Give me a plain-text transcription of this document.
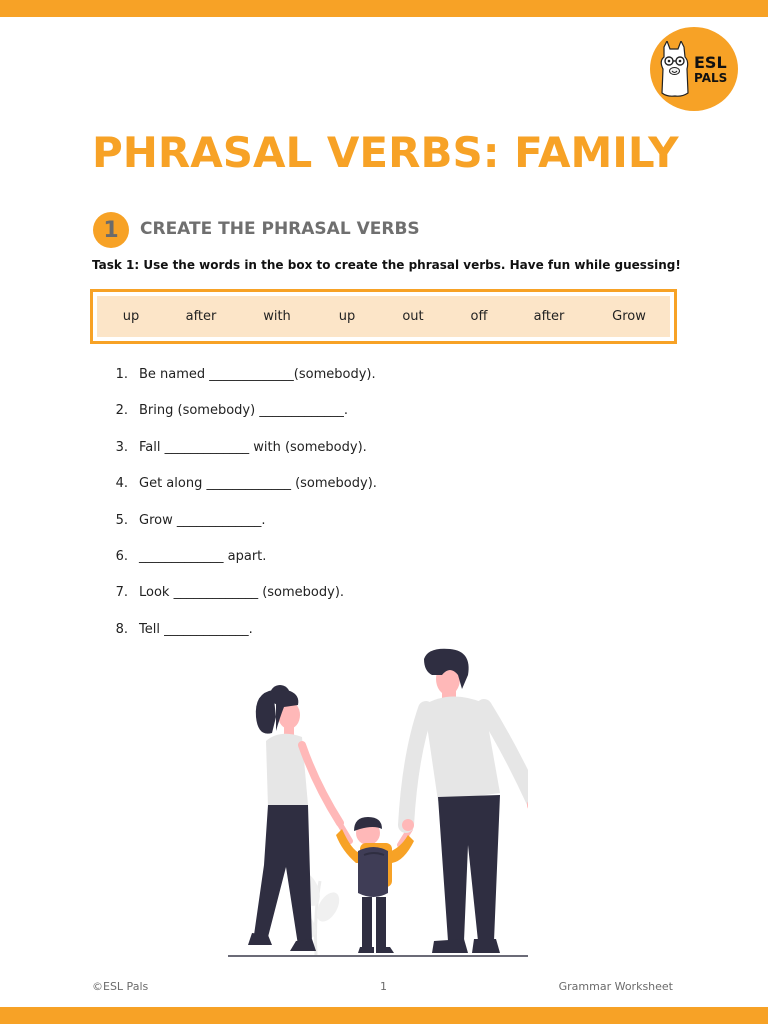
ESL
PALS
PHRASAL VERBS: FAMILY
1	CREATE THE PHRASAL VERBS
Task 1: Use the words in the box to create the phrasal verbs. Have fun while guessing!
up	after	with	up	out	off	after	Grow
1. Be named _____________(somebody).
2. Bring (somebody) _____________.
3. Fall _____________ with (somebody).
4. Get along _____________ (somebody).
5. Grow _____________.
6. _____________ apart.
7. Look _____________ (somebody).
8. Tell _____________.
©ESL Pals	1	Grammar Worksheet
